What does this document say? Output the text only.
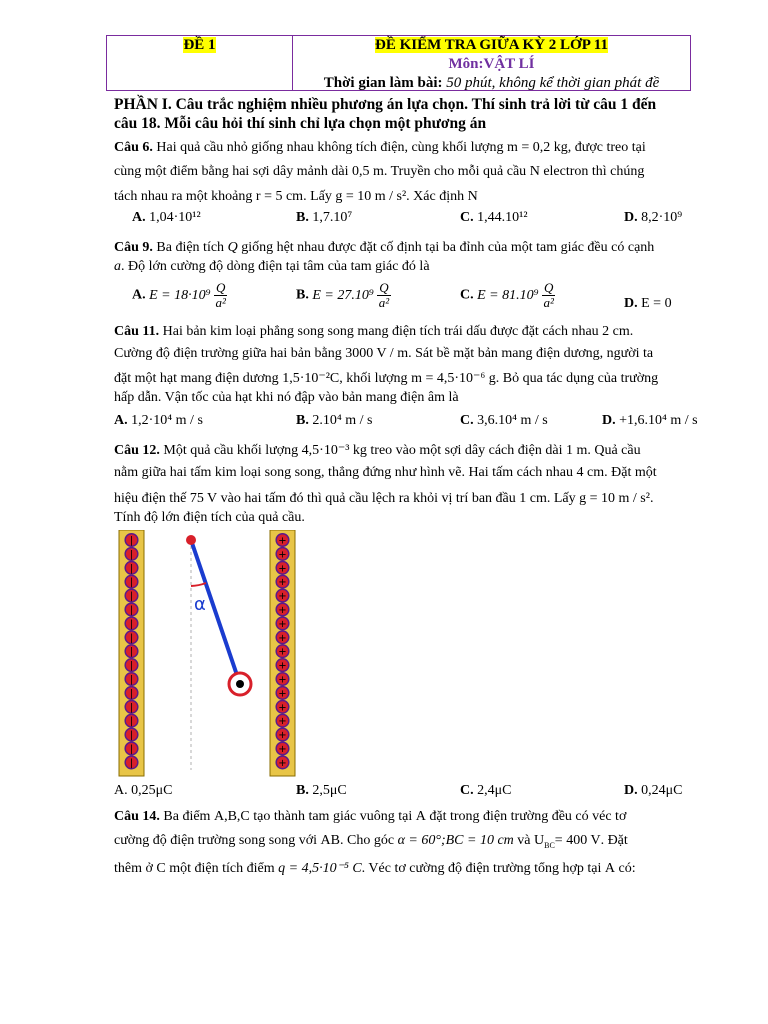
ĐỀ 1	ĐỀ KIỂM TRA GIỮA KỲ 2 LỚP 11
Môn:VẬT LÍ
Thời gian làm bài: 50 phút, không kể thời gian phát đề
PHẦN I. Câu trắc nghiệm nhiều phương án lựa chọn. Thí sinh trả lời từ câu 1 đến
câu 18. Mỗi câu hỏi thí sinh chỉ lựa chọn một phương án
Câu 6. Hai quả cầu nhỏ giống nhau không tích điện, cùng khối lượng m = 0,2 kg, được treo tại
cùng một điểm bằng hai sợi dây mảnh dài 0,5 m. Truyền cho mỗi quả cầu N electron thì chúng
tách nhau ra một khoảng r = 5 cm. Lấy g = 10 m / s². Xác định N
A. 1,04·10¹²	B. 1,7.10⁷	C. 1,44.10¹²	D. 8,2·10⁹
Câu 9. Ba điện tích Q giống hệt nhau được đặt cố định tại ba đỉnh của một tam giác đều có cạnh
a. Độ lớn cường độ dòng điện tại tâm của tam giác đó là
A. $E = 18\cdot 10^9 \frac{Q}{\text{a²}}$	B. $E = 27.10^9 \frac{Q}{\text{a²}}$	C. $E = 81.10^9 \frac{Q}{\text{a²}}$	D. E = 0
Câu 11. Hai bản kim loại phẳng song song mang điện tích trái dấu được đặt cách nhau 2 cm.
Cường độ điện trường giữa hai bản bằng 3000 V / m. Sát bề mặt bản mang điện dương, người ta
đặt một hạt mang điện dương 1,5·10⁻²C, khối lượng m = 4,5·10⁻⁶ g. Bỏ qua tác dụng của trường
hấp dẫn. Vận tốc của hạt khi nó đập vào bản mang điện âm là
A. 1,2·10⁴ m / s	B. 2.10⁴ m / s	C. 3,6.10⁴ m / s	D. +1,6.10⁴ m / s
Câu 12. Một quả cầu khối lượng 4,5·10⁻³ kg treo vào một sợi dây cách điện dài 1 m. Quả cầu
nằm giữa hai tấm kim loại song song, thẳng đứng như hình vẽ. Hai tấm cách nhau 4 cm. Đặt một
hiệu điện thế 75 V vào hai tấm đó thì quả cầu lệch ra khỏi vị trí ban đầu 1 cm. Lấy g = 10 m / s².
Tính độ lớn điện tích của quả cầu.
|
|
|
|
|
|
|
|
|
|
|
|
|
|
|
|
|
+
+
+
+
+
+
+
+
+
+
+
+
+
+
+
+
+
α
A. 0,25μC	B. 2,5μC	C. 2,4μC	D. 0,24μC
Câu 14. Ba điểm A,B,C tạo thành tam giác vuông tại A đặt trong điện trường đều có véc tơ
cường độ điện trường song song với AB. Cho góc α = 60°;BC = 10 cm và $U_{BC}= 400$ V. Đặt
thêm ở C một điện tích điểm q = 4,5·10⁻⁵ C. Véc tơ cường độ điện trường tổng hợp tại A có:
